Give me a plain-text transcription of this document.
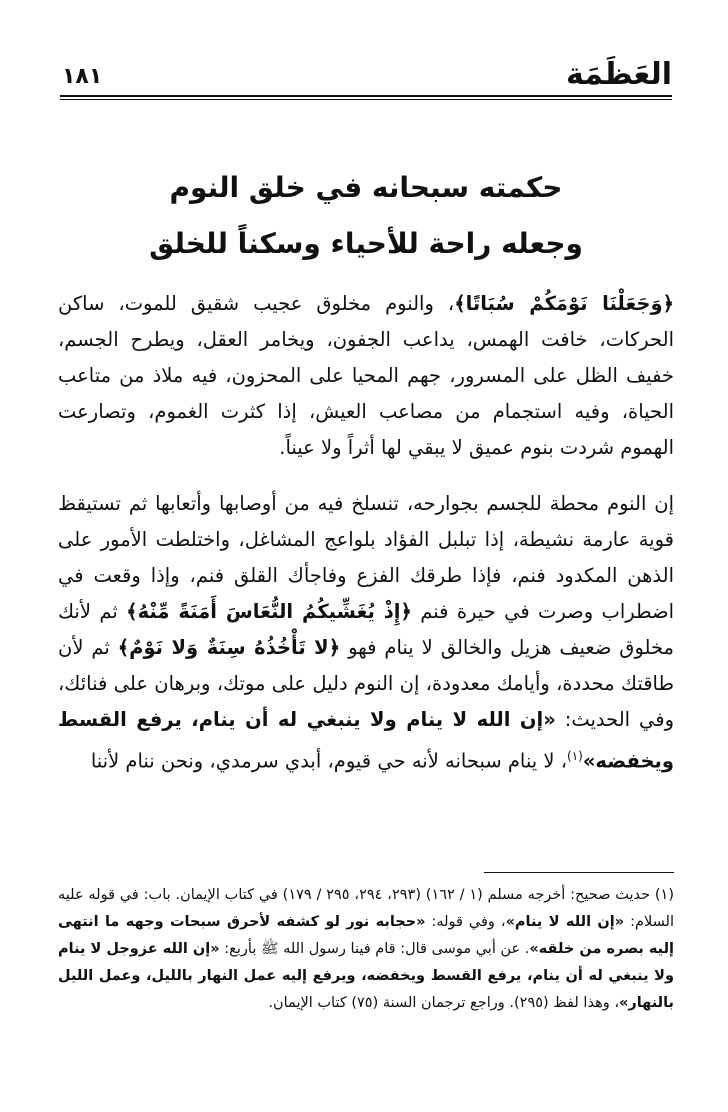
العَظَمَة
١٨١
حكمته سبحانه في خلق النوم
وجعله راحة للأحياء وسكناً للخلق

﴿وَجَعَلْنَا نَوْمَكُمْ سُبَاتًا﴾، والنوم مخلوق عجيب شقيق للموت، ساكن الحركات، خافت الهمس، يداعب الجفون، ويخامر العقل، ويطرح الجسم، خفيف الظل على المسرور، جهم المحيا على المحزون، فيه ملاذ من متاعب الحياة، وفيه استجمام من مصاعب العيش، إذا كثرت الغموم، وتصارعت الهموم شردت بنوم عميق لا يبقي لها أثراً ولا عيناً.

إن النوم محطة للجسم بجوارحه، تنسلخ فيه من أوصابها وأتعابها ثم تستيقظ قوية عارمة نشيطة، إذا تبلبل الفؤاد بلواعج المشاغل، واختلطت الأمور على الذهن المكدود فنم، فإذا طرقك الفزع وفاجأك القلق فنم، وإذا وقعت في اضطراب وصرت في حيرة فنم ﴿إِذْ يُغَشِّيكُمُ النُّعَاسَ أَمَنَةً مِّنْهُ﴾ ثم لأنك مخلوق ضعيف هزيل والخالق لا ينام فهو ﴿لا تَأْخُذُهُ سِنَةٌ وَلا نَوْمٌ﴾ ثم لأن طاقتك محددة، وأيامك معدودة، إن النوم دليل على موتك، وبرهان على فنائك، وفي الحديث: «إن الله لا ينام ولا ينبغي له أن ينام، يرفع القسط ويخفضه»$^{(١)}$، لا ينام سبحانه لأنه حي قيوم، أبدي سرمدي، ونحن ننام لأننا

(١) حديث صحيح: أخرجه مسلم (١ / ١٦٢) (٢٩٣، ٢٩٤، ٢٩٥ / ١٧٩) في كتاب الإيمان. باب: في قوله عليه السلام: «إن الله لا ينام»، وفي قوله: «حجابه نور لو كشفه لأحرق سبحات وجهه ما انتهى إليه بصره من خلقه». عن أبي موسى قال: قام فينا رسول الله ﷺ بأربع: «إن الله عزوجل لا ينام ولا ينبغي له أن ينام، يرفع القسط ويخفضه، ويرفع إليه عمل النهار بالليل، وعمل الليل بالنهار»، وهذا لفظ (٢٩٥). وراجع ترجمان السنة (٧٥) كتاب الإيمان.
